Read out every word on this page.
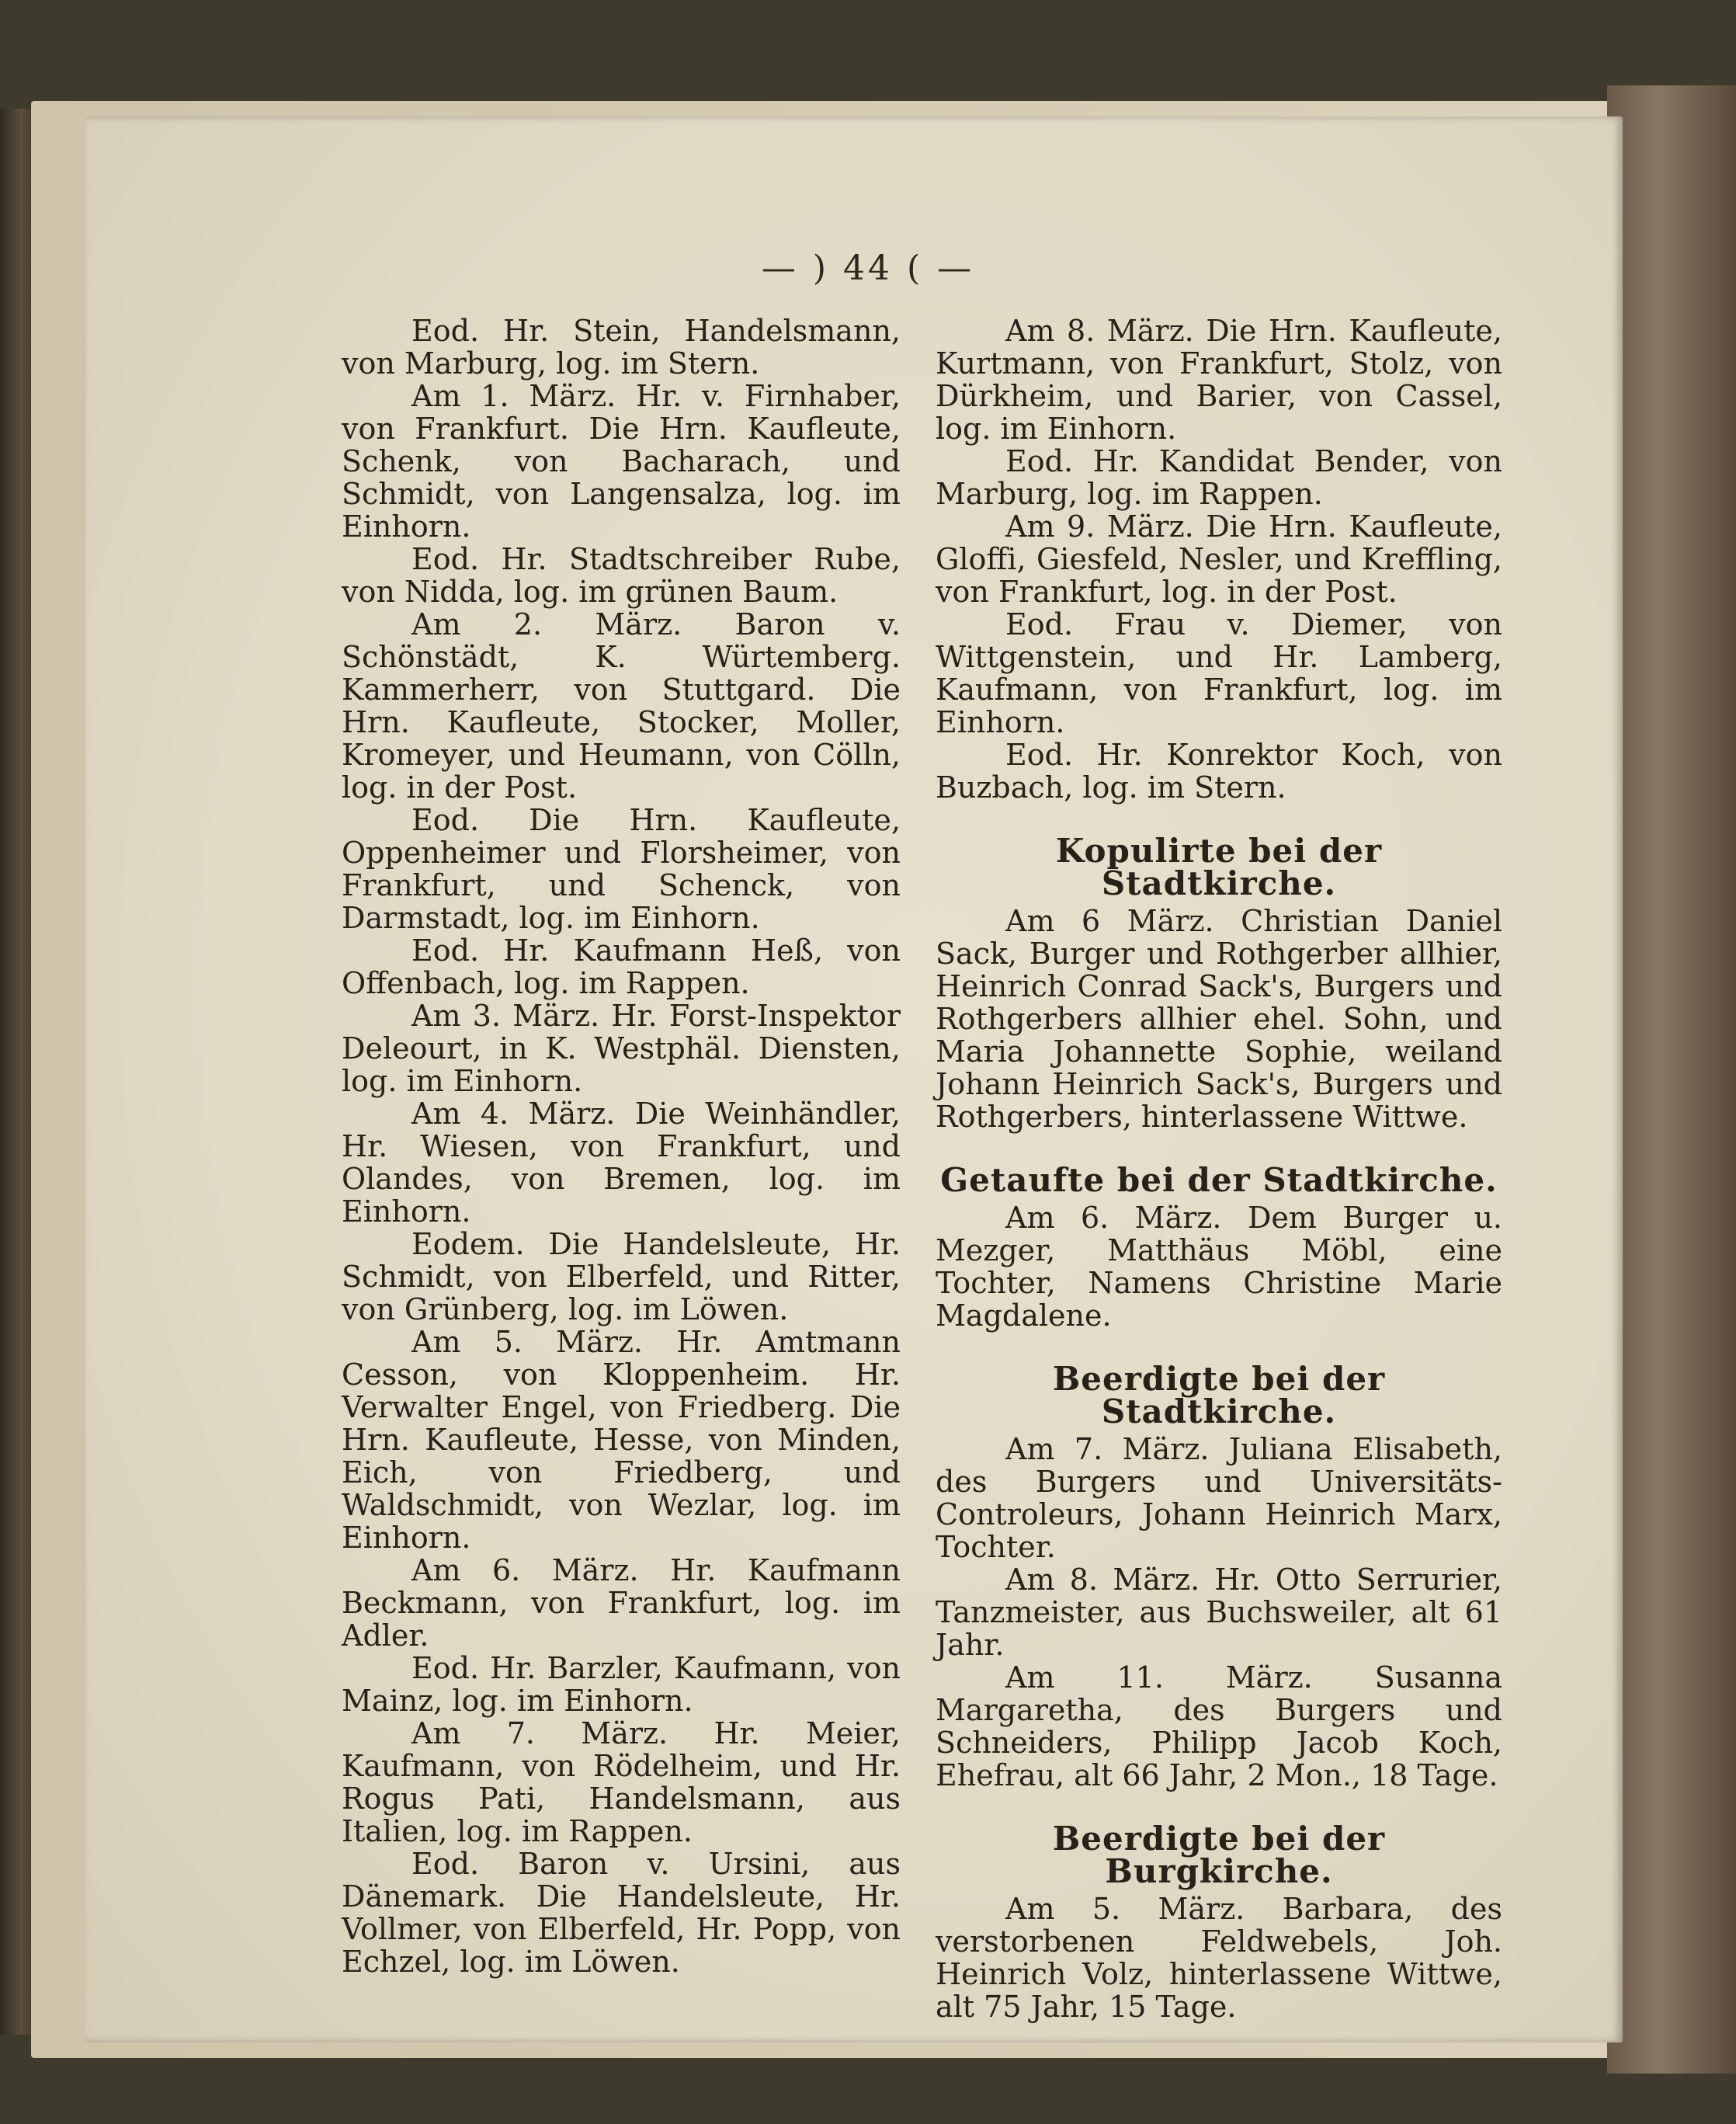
— ) 44 ( —

Eod. Hr. Stein, Handelsmann, von Marburg, log. im Stern.

Am 1. März. Hr. v. Firnhaber, von Frankfurt. Die Hrn. Kaufleute, Schenk, von Bacharach, und Schmidt, von Langensalza, log. im Einhorn.

Eod. Hr. Stadtschreiber Rube, von Nidda, log. im grünen Baum.

Am 2. März. Baron v. Schönstädt, K. Würtemberg. Kammerherr, von Stuttgard. Die Hrn. Kaufleute, Stocker, Moller, Kromeyer, und Heumann, von Cölln, log. in der Post.

Eod. Die Hrn. Kaufleute, Oppenheimer und Florsheimer, von Frankfurt, und Schenck, von Darmstadt, log. im Einhorn.

Eod. Hr. Kaufmann Heß, von Offenbach, log. im Rappen.

Am 3. März. Hr. Forst-Inspektor Deleourt, in K. Westphäl. Diensten, log. im Einhorn.

Am 4. März. Die Weinhändler, Hr. Wiesen, von Frankfurt, und Olandes, von Bremen, log. im Einhorn.

Eodem. Die Handelsleute, Hr. Schmidt, von Elberfeld, und Ritter, von Grünberg, log. im Löwen.

Am 5. März. Hr. Amtmann Cesson, von Kloppenheim. Hr. Verwalter Engel, von Friedberg. Die Hrn. Kaufleute, Hesse, von Minden, Eich, von Friedberg, und Waldschmidt, von Wezlar, log. im Einhorn.

Am 6. März. Hr. Kaufmann Beckmann, von Frankfurt, log. im Adler.

Eod. Hr. Barzler, Kaufmann, von Mainz, log. im Einhorn.

Am 7. März. Hr. Meier, Kaufmann, von Rödelheim, und Hr. Rogus Pati, Handelsmann, aus Italien, log. im Rappen.

Eod. Baron v. Ursini, aus Dänemark. Die Handelsleute, Hr. Vollmer, von Elberfeld, Hr. Popp, von Echzel, log. im Löwen.

Am 8. März. Die Hrn. Kaufleute, Kurtmann, von Frankfurt, Stolz, von Dürkheim, und Barier, von Cassel, log. im Einhorn.

Eod. Hr. Kandidat Bender, von Marburg, log. im Rappen.

Am 9. März. Die Hrn. Kaufleute, Gloffi, Giesfeld, Nesler, und Kreffling, von Frankfurt, log. in der Post.

Eod. Frau v. Diemer, von Wittgenstein, und Hr. Lamberg, Kaufmann, von Frankfurt, log. im Einhorn.

Eod. Hr. Konrektor Koch, von Buzbach, log. im Stern.

Kopulirte bei der Stadtkirche.

Am 6 März. Christian Daniel Sack, Burger und Rothgerber allhier, Heinrich Conrad Sack's, Burgers und Rothgerbers allhier ehel. Sohn, und Maria Johannette Sophie, weiland Johann Heinrich Sack's, Burgers und Rothgerbers, hinterlassene Wittwe.

Getaufte bei der Stadtkirche.

Am 6. März. Dem Burger u. Mezger, Matthäus Möbl, eine Tochter, Namens Christine Marie Magdalene.

Beerdigte bei der Stadtkirche.

Am 7. März. Juliana Elisabeth, des Burgers und Universitäts-Controleurs, Johann Heinrich Marx, Tochter.

Am 8. März. Hr. Otto Serrurier, Tanzmeister, aus Buchsweiler, alt 61 Jahr.

Am 11. März. Susanna Margaretha, des Burgers und Schneiders, Philipp Jacob Koch, Ehefrau, alt 66 Jahr, 2 Mon., 18 Tage.

Beerdigte bei der Burgkirche.

Am 5. März. Barbara, des verstorbenen Feldwebels, Joh. Heinrich Volz, hinterlassene Wittwe, alt 75 Jahr, 15 Tage.
